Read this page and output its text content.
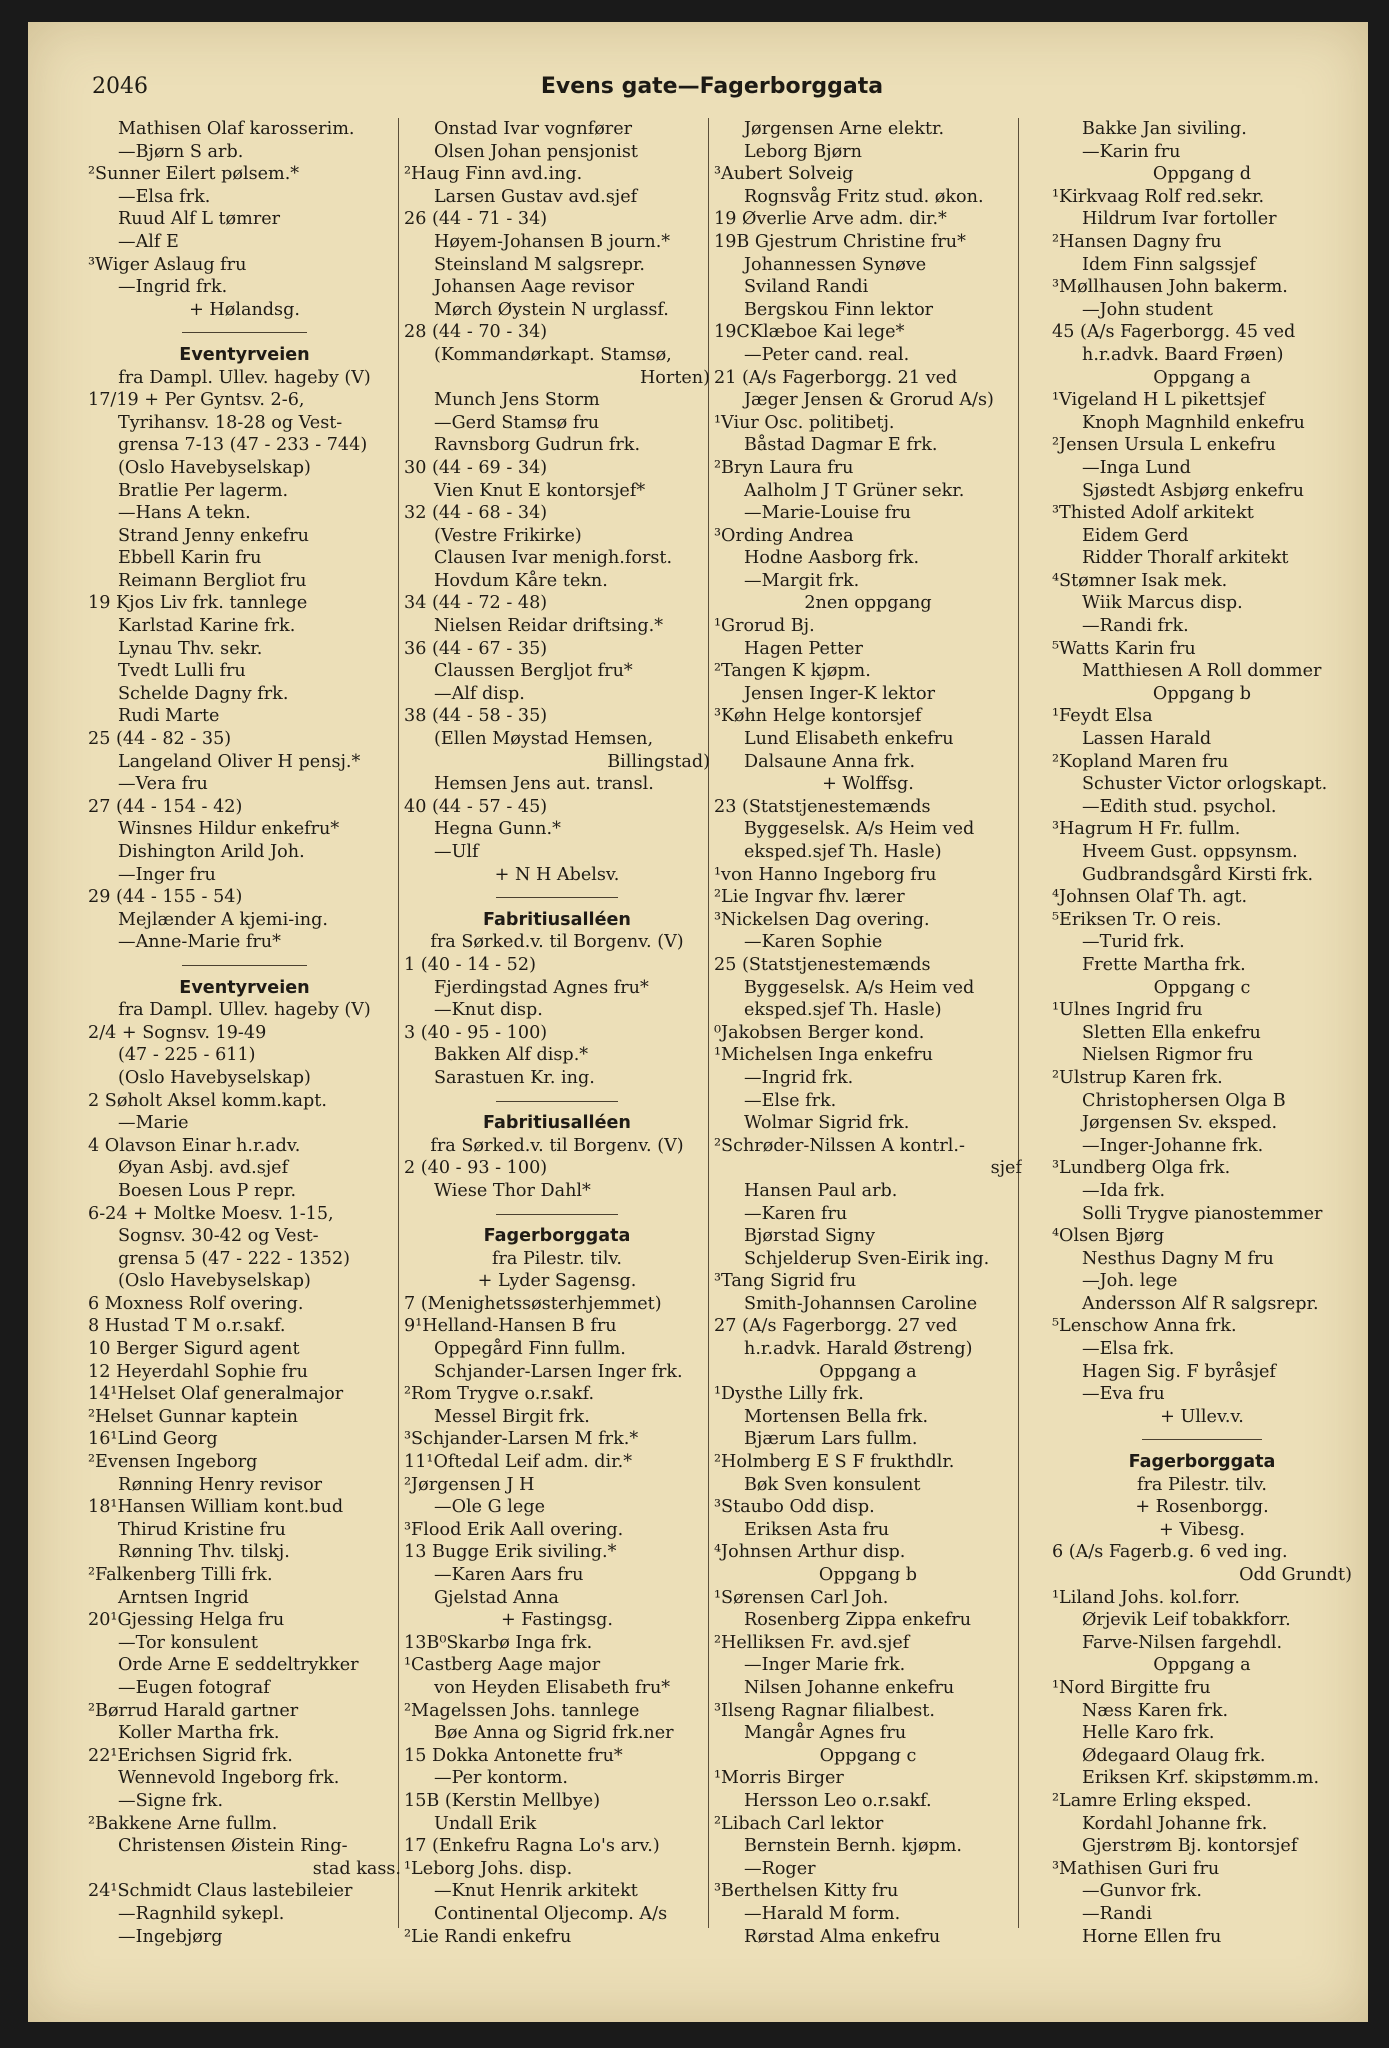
2046	Evens gate—Fagerborggata
Mathisen Olaf karosserim.
—Bjørn S arb.
²Sunner Eilert pølsem.*
—Elsa frk.
Ruud Alf L tømrer
—Alf E
³Wiger Aslaug fru
—Ingrid frk.
+ Hølandsg.
Eventyrveien
fra Dampl. Ullev. hageby (V)
17/19 + Per Gyntsv. 2-6,
Tyrihansv. 18-28 og Vest-
grensa 7-13 (47 - 233 - 744)
(Oslo Havebyselskap)
Bratlie Per lagerm.
—Hans A tekn.
Strand Jenny enkefru
Ebbell Karin fru
Reimann Bergliot fru
19 Kjos Liv frk. tannlege
Karlstad Karine frk.
Lynau Thv. sekr.
Tvedt Lulli fru
Schelde Dagny frk.
Rudi Marte
25 (44 - 82 - 35)
Langeland Oliver H pensj.*
—Vera fru
27 (44 - 154 - 42)
Winsnes Hildur enkefru*
Dishington Arild Joh.
—Inger fru
29 (44 - 155 - 54)
Mejlænder A kjemi-ing.
—Anne-Marie fru*
Eventyrveien
fra Dampl. Ullev. hageby (V)
2/4 + Sognsv. 19-49
(47 - 225 - 611)
(Oslo Havebyselskap)
2 Søholt Aksel komm.kapt.
—Marie
4 Olavson Einar h.r.adv.
Øyan Asbj. avd.sjef
Boesen Lous P repr.
6-24 + Moltke Moesv. 1-15,
Sognsv. 30-42 og Vest-
grensa 5 (47 - 222 - 1352)
(Oslo Havebyselskap)
6 Moxness Rolf overing.
8 Hustad T M o.r.sakf.
10 Berger Sigurd agent
12 Heyerdahl Sophie fru
14¹Helset Olaf generalmajor
²Helset Gunnar kaptein
16¹Lind Georg
²Evensen Ingeborg
Rønning Henry revisor
18¹Hansen William kont.bud
Thirud Kristine fru
Rønning Thv. tilskj.
²Falkenberg Tilli frk.
Arntsen Ingrid
20¹Gjessing Helga fru
—Tor konsulent
Orde Arne E seddeltrykker
—Eugen fotograf
²Børrud Harald gartner
Koller Martha frk.
22¹Erichsen Sigrid frk.
Wennevold Ingeborg frk.
—Signe frk.
²Bakkene Arne fullm.
Christensen Øistein Ring-
stad kass.
24¹Schmidt Claus lastebileier
—Ragnhild sykepl.
—Ingebjørg
Onstad Ivar vognfører
Olsen Johan pensjonist
²Haug Finn avd.ing.
Larsen Gustav avd.sjef
26 (44 - 71 - 34)
Høyem-Johansen B journ.*
Steinsland M salgsrepr.
Johansen Aage revisor
Mørch Øystein N urglassf.
28 (44 - 70 - 34)
(Kommandørkapt. Stamsø,
Horten)
Munch Jens Storm
—Gerd Stamsø fru
Ravnsborg Gudrun frk.
30 (44 - 69 - 34)
Vien Knut E kontorsjef*
32 (44 - 68 - 34)
(Vestre Frikirke)
Clausen Ivar menigh.forst.
Hovdum Kåre tekn.
34 (44 - 72 - 48)
Nielsen Reidar driftsing.*
36 (44 - 67 - 35)
Claussen Bergljot fru*
—Alf disp.
38 (44 - 58 - 35)
(Ellen Møystad Hemsen,
Billingstad)
Hemsen Jens aut. transl.
40 (44 - 57 - 45)
Hegna Gunn.*
—Ulf
+ N H Abelsv.
Fabritiusalléen
fra Sørked.v. til Borgenv. (V)
1 (40 - 14 - 52)
Fjerdingstad Agnes fru*
—Knut disp.
3 (40 - 95 - 100)
Bakken Alf disp.*
Sarastuen Kr. ing.
Fabritiusalléen
fra Sørked.v. til Borgenv. (V)
2 (40 - 93 - 100)
Wiese Thor Dahl*
Fagerborggata
fra Pilestr. tilv.
+ Lyder Sagensg.
7 (Menighetssøsterhjemmet)
9¹Helland-Hansen B fru
Oppegård Finn fullm.
Schjander-Larsen Inger frk.
²Rom Trygve o.r.sakf.
Messel Birgit frk.
³Schjander-Larsen M frk.*
11¹Oftedal Leif adm. dir.*
²Jørgensen J H
—Ole G lege
³Flood Erik Aall overing.
13 Bugge Erik siviling.*
—Karen Aars fru
Gjelstad Anna
+ Fastingsg.
13B⁰Skarbø Inga frk.
¹Castberg Aage major
von Heyden Elisabeth fru*
²Magelssen Johs. tannlege
Bøe Anna og Sigrid frk.ner
15 Dokka Antonette fru*
—Per kontorm.
15B (Kerstin Mellbye)
Undall Erik
17 (Enkefru Ragna Lo's arv.)
¹Leborg Johs. disp.
—Knut Henrik arkitekt
Continental Oljecomp. A/s
²Lie Randi enkefru
Jørgensen Arne elektr.
Leborg Bjørn
³Aubert Solveig
Rognsvåg Fritz stud. økon.
19 Øverlie Arve adm. dir.*
19B Gjestrum Christine fru*
Johannessen Synøve
Sviland Randi
Bergskou Finn lektor
19CKlæboe Kai lege*
—Peter cand. real.
21 (A/s Fagerborgg. 21 ved
Jæger Jensen & Grorud A/s)
¹Viur Osc. politibetj.
Båstad Dagmar E frk.
²Bryn Laura fru
Aalholm J T Grüner sekr.
—Marie-Louise fru
³Ording Andrea
Hodne Aasborg frk.
—Margit frk.
2nen oppgang
¹Grorud Bj.
Hagen Petter
²Tangen K kjøpm.
Jensen Inger-K lektor
³Køhn Helge kontorsjef
Lund Elisabeth enkefru
Dalsaune Anna frk.
+ Wolffsg.
23 (Statstjenestemænds
Byggeselsk. A/s Heim ved
eksped.sjef Th. Hasle)
¹von Hanno Ingeborg fru
²Lie Ingvar fhv. lærer
³Nickelsen Dag overing.
—Karen Sophie
25 (Statstjenestemænds
Byggeselsk. A/s Heim ved
eksped.sjef Th. Hasle)
⁰Jakobsen Berger kond.
¹Michelsen Inga enkefru
—Ingrid frk.
—Else frk.
Wolmar Sigrid frk.
²Schrøder-Nilssen A kontrl.-
sjef
Hansen Paul arb.
—Karen fru
Bjørstad Signy
Schjelderup Sven-Eirik ing.
³Tang Sigrid fru
Smith-Johannsen Caroline
27 (A/s Fagerborgg. 27 ved
h.r.advk. Harald Østreng)
Oppgang a
¹Dysthe Lilly frk.
Mortensen Bella frk.
Bjærum Lars fullm.
²Holmberg E S F frukthdlr.
Bøk Sven konsulent
³Staubo Odd disp.
Eriksen Asta fru
⁴Johnsen Arthur disp.
Oppgang b
¹Sørensen Carl Joh.
Rosenberg Zippa enkefru
²Helliksen Fr. avd.sjef
—Inger Marie frk.
Nilsen Johanne enkefru
³Ilseng Ragnar filialbest.
Mangår Agnes fru
Oppgang c
¹Morris Birger
Hersson Leo o.r.sakf.
²Libach Carl lektor
Bernstein Bernh. kjøpm.
—Roger
³Berthelsen Kitty fru
—Harald M form.
Rørstad Alma enkefru
Bakke Jan siviling.
—Karin fru
Oppgang d
¹Kirkvaag Rolf red.sekr.
Hildrum Ivar fortoller
²Hansen Dagny fru
Idem Finn salgssjef
³Møllhausen John bakerm.
—John student
45 (A/s Fagerborgg. 45 ved
h.r.advk. Baard Frøen)
Oppgang a
¹Vigeland H L pikettsjef
Knoph Magnhild enkefru
²Jensen Ursula L enkefru
—Inga Lund
Sjøstedt Asbjørg enkefru
³Thisted Adolf arkitekt
Eidem Gerd
Ridder Thoralf arkitekt
⁴Stømner Isak mek.
Wiik Marcus disp.
—Randi frk.
⁵Watts Karin fru
Matthiesen A Roll dommer
Oppgang b
¹Feydt Elsa
Lassen Harald
²Kopland Maren fru
Schuster Victor orlogskapt.
—Edith stud. psychol.
³Hagrum H Fr. fullm.
Hveem Gust. oppsynsm.
Gudbrandsgård Kirsti frk.
⁴Johnsen Olaf Th. agt.
⁵Eriksen Tr. O reis.
—Turid frk.
Frette Martha frk.
Oppgang c
¹Ulnes Ingrid fru
Sletten Ella enkefru
Nielsen Rigmor fru
²Ulstrup Karen frk.
Christophersen Olga B
Jørgensen Sv. eksped.
—Inger-Johanne frk.
³Lundberg Olga frk.
—Ida frk.
Solli Trygve pianostemmer
⁴Olsen Bjørg
Nesthus Dagny M fru
—Joh. lege
Andersson Alf R salgsrepr.
⁵Lenschow Anna frk.
—Elsa frk.
Hagen Sig. F byråsjef
—Eva fru
+ Ullev.v.
Fagerborggata
fra Pilestr. tilv.
+ Rosenborgg.
+ Vibesg.
6 (A/s Fagerb.g. 6 ved ing.
Odd Grundt)
¹Liland Johs. kol.forr.
Ørjevik Leif tobakkforr.
Farve-Nilsen fargehdl.
Oppgang a
¹Nord Birgitte fru
Næss Karen frk.
Helle Karo frk.
Ødegaard Olaug frk.
Eriksen Krf. skipstømm.m.
²Lamre Erling eksped.
Kordahl Johanne frk.
Gjerstrøm Bj. kontorsjef
³Mathisen Guri fru
—Gunvor frk.
—Randi
Horne Ellen fru
